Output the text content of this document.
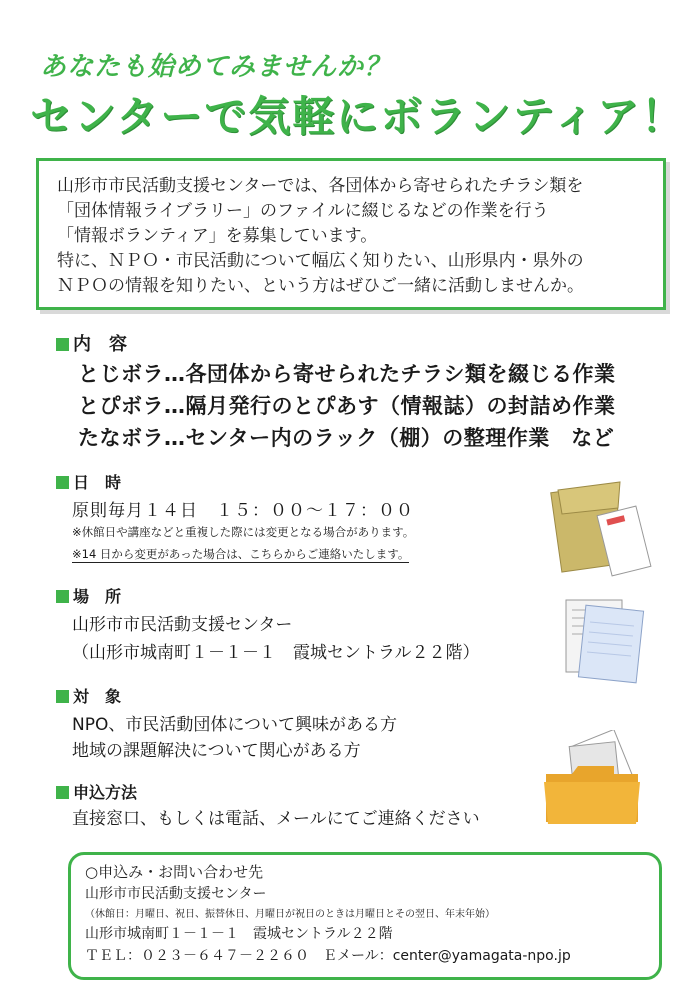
あなたも始めてみませんか？
センターで気軽にボランティア！
山形市市民活動支援センターでは、各団体から寄せられたチラシ類を
「団体情報ライブラリー」のファイルに綴じるなどの作業を行う
「情報ボランティア」を募集しています。
特に、ＮＰＯ・市民活動について幅広く知りたい、山形県内・県外の
ＮＰＯの情報を知りたい、という方はぜひご一緒に活動しませんか。
内　容
とじボラ…各団体から寄せられたチラシ類を綴じる作業
とぴボラ…隔月発行のとぴあす（情報誌）の封詰め作業
たなボラ…センター内のラック（棚）の整理作業　など
日　時
原則毎月１４日　１５：００～１７：００
※休館日や講座などと重複した際には変更となる場合があります。
※14 日から変更があった場合は、こちらからご連絡いたします。
場　所
山形市市民活動支援センター
（山形市城南町１－１－１　霞城セントラル２２階）
対　象
NPO、市民活動団体について興味がある方
地域の課題解決について関心がある方
申込方法
直接窓口、もしくは電話、メールにてご連絡ください
○申込み・お問い合わせ先
山形市市民活動支援センター
（休館日：月曜日、祝日、振替休日、月曜日が祝日のときは月曜日とその翌日、年末年始）
山形市城南町１－１－１　霞城セントラル２２階
ＴＥＬ：０２３－６４７－２２６０　Ｅメール：center@yamagata-npo.jp
